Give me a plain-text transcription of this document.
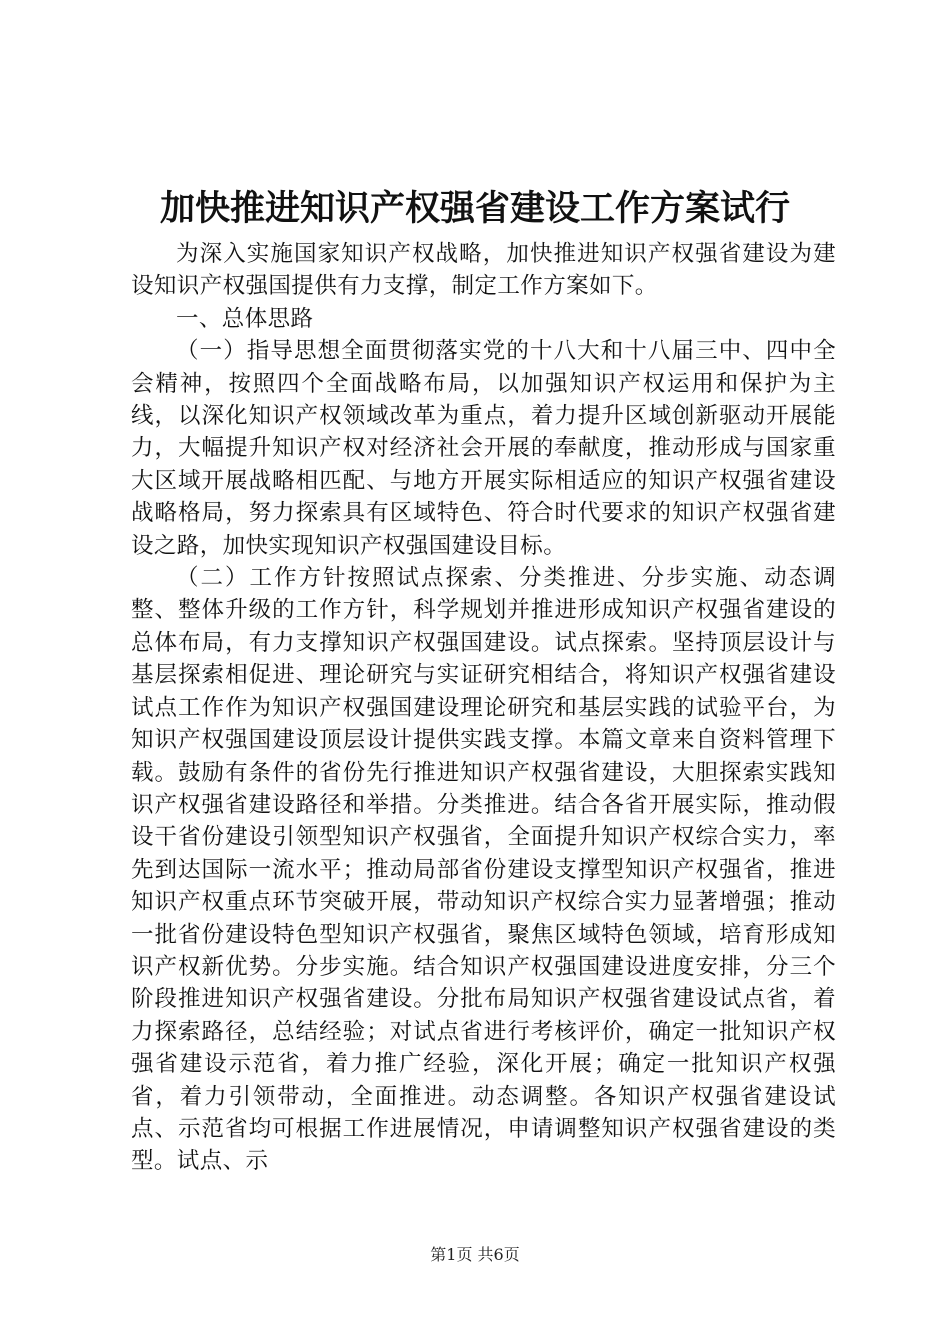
加快推进知识产权强省建设工作方案试行

为深入实施国家知识产权战略，加快推进知识产权强省建设为建设知识产权强国提供有力支撑，制定工作方案如下。

一、总体思路

（一）指导思想全面贯彻落实党的十八大和十八届三中、四中全会精神，按照四个全面战略布局，以加强知识产权运用和保护为主线，以深化知识产权领域改革为重点，着力提升区域创新驱动开展能力，大幅提升知识产权对经济社会开展的奉献度，推动形成与国家重大区域开展战略相匹配、与地方开展实际相适应的知识产权强省建设战略格局，努力探索具有区域特色、符合时代要求的知识产权强省建设之路，加快实现知识产权强国建设目标。

（二）工作方针按照试点探索、分类推进、分步实施、动态调整、整体升级的工作方针，科学规划并推进形成知识产权强省建设的总体布局，有力支撑知识产权强国建设。试点探索。坚持顶层设计与基层探索相促进、理论研究与实证研究相结合，将知识产权强省建设试点工作作为知识产权强国建设理论研究和基层实践的试验平台，为知识产权强国建设顶层设计提供实践支撑。本篇文章来自资料管理下载。鼓励有条件的省份先行推进知识产权强省建设，大胆探索实践知识产权强省建设路径和举措。分类推进。结合各省开展实际，推动假设干省份建设引领型知识产权强省，全面提升知识产权综合实力，率先到达国际一流水平；推动局部省份建设支撑型知识产权强省，推进知识产权重点环节突破开展，带动知识产权综合实力显著增强；推动一批省份建设特色型知识产权强省，聚焦区域特色领域，培育形成知识产权新优势。分步实施。结合知识产权强国建设进度安排，分三个阶段推进知识产权强省建设。分批布局知识产权强省建设试点省，着力探索路径，总结经验；对试点省进行考核评价，确定一批知识产权强省建设示范省，着力推广经验，深化开展；确定一批知识产权强省，着力引领带动，全面推进。动态调整。各知识产权强省建设试点、示范省均可根据工作进展情况，申请调整知识产权强省建设的类型。试点、示

第1页 共6页
